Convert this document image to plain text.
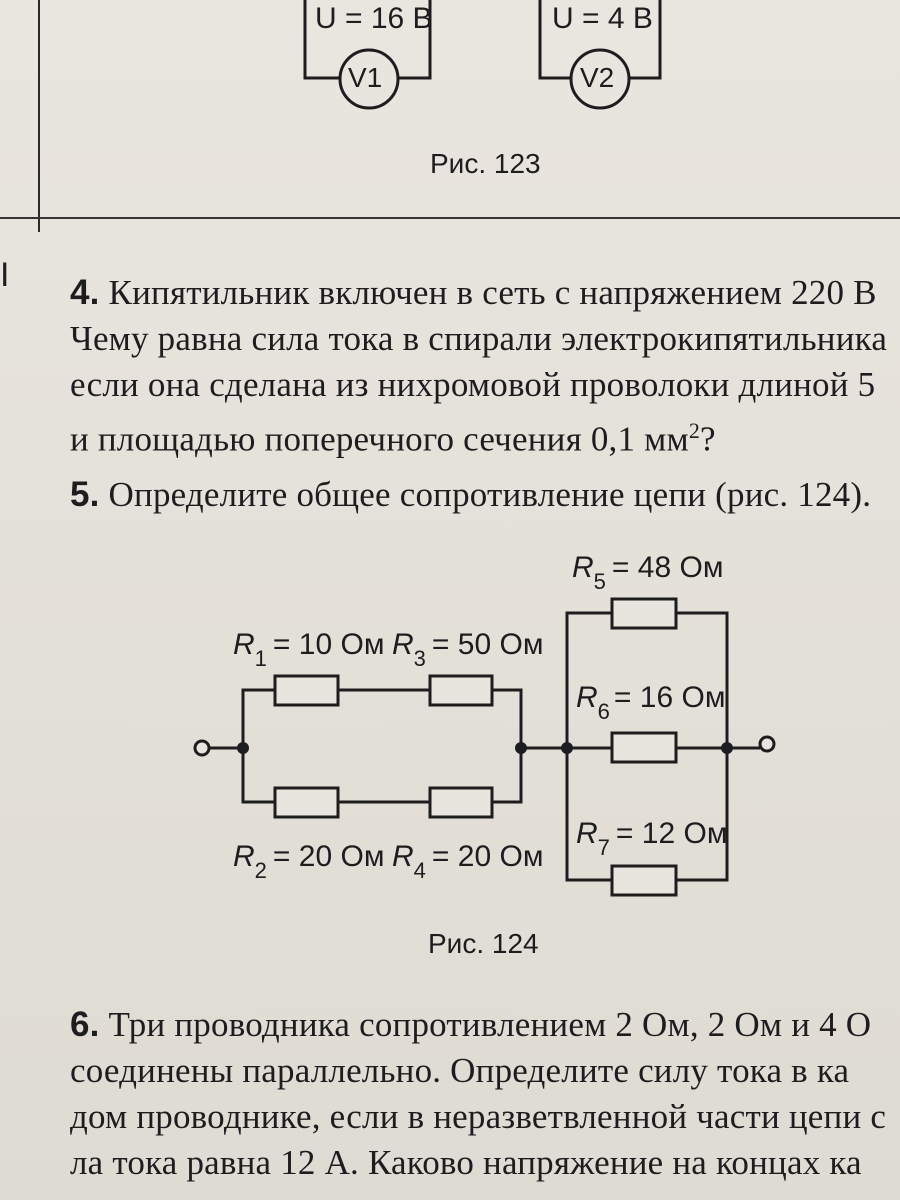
I
U = 16 В
V1
U = 4 В
V2
Рис. 123
4. Кипятильник включен в сеть с напряжением 220 В
Чему равна сила тока в спирали электрокипятильника
если она сделана из нихромовой проволоки длиной 5
и площадью поперечного сечения 0,1 $мм^2$?
5. Определите общее сопротивление цепи (рис. 124).
$R_1 = 10$ Ом $R_3 = 50$ Ом
$R_2 = 20$ Ом $R_4 = 20$ Ом
$R_5 = 48$ Ом
$R_6 = 16$ Ом
$R_7 = 12$ Ом
Рис. 124
6. Три проводника сопротивлением 2 Ом, 2 Ом и 4 О
соединены параллельно. Определите силу тока в ка
дом проводнике, если в неразветвленной части цепи с
ла тока равна 12 А. Каково напряжение на концах ка
